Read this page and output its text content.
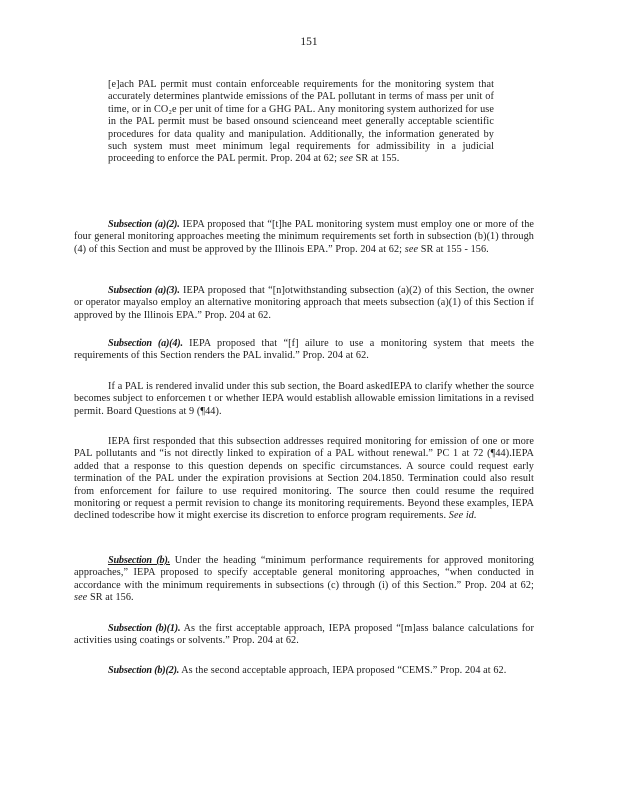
151
[e]ach PAL permit must contain enforceable requirements for the monitoring system that accurately determines plantwide emissions of the PAL pollutant in terms of mass per unit of time, or in CO₂e per unit of time for a GHG PAL. Any monitoring system authorized for use in the PAL permit must be based onsound scienceand meet generally acceptable scientific procedures for data quality and manipulation. Additionally, the information generated by such system must meet minimum legal requirements for admissibility in a judicial proceeding to enforce the PAL permit. Prop. 204 at 62; see SR at 155.
Subsection (a)(2). IEPA proposed that “[t]he PAL monitoring system must employ one or more of the four general monitoring approaches meeting the minimum requirements set forth in subsection (b)(1) through (4) of this Section and must be approved by the Illinois EPA.” Prop. 204 at 62; see SR at 155 - 156.
Subsection (a)(3). IEPA proposed that “[n]otwithstanding subsection (a)(2) of this Section, the owner or operator mayalso employ an alternative monitoring approach that meets subsection (a)(1) of this Section if approved by the Illinois EPA.” Prop. 204 at 62.
Subsection (a)(4). IEPA proposed that “[f] ailure to use a monitoring system that meets the requirements of this Section renders the PAL invalid.” Prop. 204 at 62.
If a PAL is rendered invalid under this sub section, the Board askedIEPA to clarify whether the source becomes subject to enforcemen t or whether IEPA would establish allowable emission limitations in a revised permit. Board Questions at 9 (¶44).
IEPA first responded that this subsection addresses required monitoring for emission of one or more PAL pollutants and “is not directly linked to expiration of a PAL without renewal.” PC 1 at 72 (¶44).IEPA added that a response to this question depends on specific circumstances. A source could request early termination of the PAL under the expiration provisions at Section 204.1850. Termination could also result from enforcement for failure to use required monitoring. The source then could resume the required monitoring or request a permit revision to change its monitoring requirements. Beyond these examples, IEPA declined todescribe how it might exercise its discretion to enforce program requirements. See id.
Subsection (b). Under the heading “minimum performance requirements for approved monitoring approaches,” IEPA proposed to specify acceptable general monitoring approaches, “when conducted in accordance with the minimum requirements in subsections (c) through (i) of this Section.” Prop. 204 at 62; see SR at 156.
Subsection (b)(1). As the first acceptable approach, IEPA proposed “[m]ass balance calculations for activities using coatings or solvents.” Prop. 204 at 62.
Subsection (b)(2). As the second acceptable approach, IEPA proposed “CEMS.” Prop. 204 at 62.
